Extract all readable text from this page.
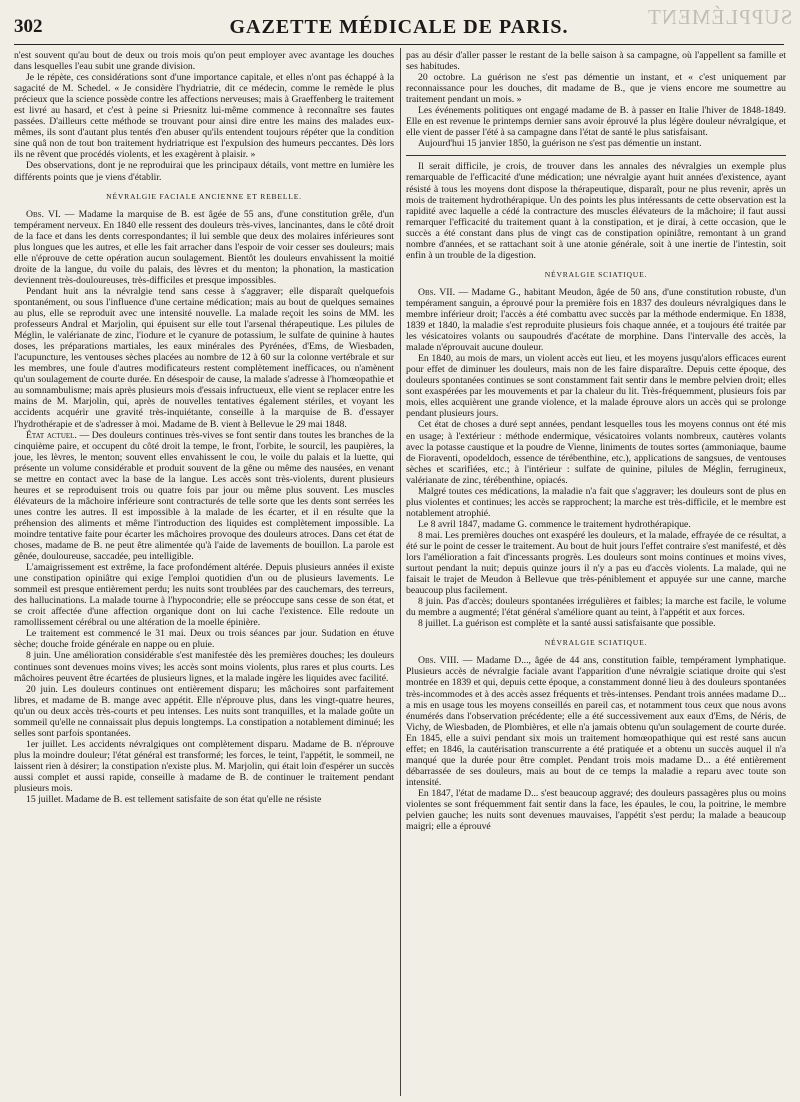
SUPPLÉMENT
302	GAZETTE MÉDICALE DE PARIS.

n'est souvent qu'au bout de deux ou trois mois qu'on peut employer avec avantage les douches dans lesquelles l'eau subit une grande division.

Je le répète, ces considérations sont d'une importance capitale, et elles n'ont pas échappé à la sagacité de M. Schedel. « Je considère l'hydriatrie, dit ce médecin, comme le remède le plus précieux que la science possède contre les affections nerveuses; mais à Graeffenberg le traitement est livré au hasard, et c'est à peine si Priesnitz lui-même commence à reconnaître ses fautes passées. D'ailleurs cette méthode se trouvant pour ainsi dire entre les mains des malades eux-mêmes, ils sont d'autant plus tentés d'en abuser qu'ils entendent toujours répéter que la condition sine quâ non de tout bon traitement hydriatrique est l'expulsion des humeurs peccantes. Dès lors ils ne rêvent que procédés violents, et les exagèrent à plaisir. »

Des observations, dont je ne reproduirai que les principaux détails, vont mettre en lumière les différents points que je viens d'établir.

NÉVRALGIE FACIALE ANCIENNE ET REBELLE.

Obs. VI. — Madame la marquise de B. est âgée de 55 ans, d'une constitution grêle, d'un tempérament nerveux. En 1840 elle ressent des douleurs très-vives, lancinantes, dans le côté droit de la face et dans les dents correspondantes; il lui semble que deux des molaires inférieures sont plus longues que les autres, et elle les fait arracher dans l'espoir de voir cesser ses douleurs; mais elle n'éprouve de cette opération aucun soulagement. Bientôt les douleurs envahissent la moitié droite de la langue, du voile du palais, des lèvres et du menton; la phonation, la mastication deviennent très-douloureuses, très-difficiles et presque impossibles.

Pendant huit ans la névralgie tend sans cesse à s'aggraver; elle disparaît quelquefois spontanément, ou sous l'influence d'une certaine médication; mais au bout de quelques semaines au plus, elle se reproduit avec une intensité nouvelle. La malade reçoit les soins de MM. les professeurs Andral et Marjolin, qui épuisent sur elle tout l'arsenal thérapeutique. Les pilules de Méglin, le valérianate de zinc, l'iodure et le cyanure de potassium, le sulfate de quinine à hautes doses, les préparations martiales, les eaux minérales des Pyrénées, d'Ems, de Wiesbaden, l'acupuncture, les ventouses sèches placées au nombre de 12 à 60 sur la colonne vertébrale et sur les membres, une foule d'autres modificateurs restent complètement inefficaces, ou n'amènent qu'un soulagement de courte durée. En désespoir de cause, la malade s'adresse à l'homœopathie et au somnambulisme; mais après plusieurs mois d'essais infructueux, elle vient se replacer entre les mains de M. Marjolin, qui, après de nouvelles tentatives également stériles, et voyant les accidents acquérir une gravité très-inquiétante, conseille à la marquise de B. d'essayer l'hydrothérapie et de s'adresser à moi. Madame de B. vient à Bellevue le 29 mai 1848.

État actuel. — Des douleurs continues très-vives se font sentir dans toutes les branches de la cinquième paire, et occupent du côté droit la tempe, le front, l'orbite, le sourcil, les paupières, la joue, les lèvres, le menton; souvent elles envahissent le cou, le voile du palais et la luette, qui présente un volume considérable et produit souvent de la gêne ou même des nausées, en venant se mettre en contact avec la base de la langue. Les accès sont très-violents, durent plusieurs heures et se reproduisent trois ou quatre fois par jour ou même plus souvent. Les muscles élévateurs de la mâchoire inférieure sont contracturés de telle sorte que les dents sont serrées les unes contre les autres. Il est impossible à la malade de les écarter, et il en résulte que la préhension des aliments et même l'introduction des liquides est complètement impossible. La moindre tentative faite pour écarter les mâchoires provoque des douleurs atroces. Dans cet état de choses, madame de B. ne peut être alimentée qu'à l'aide de lavements de bouillon. La parole est gênée, douloureuse, saccadée, peu intelligible.

L'amaigrissement est extrême, la face profondément altérée. Depuis plusieurs années il existe une constipation opiniâtre qui exige l'emploi quotidien d'un ou de plusieurs lavements. Le sommeil est presque entièrement perdu; les nuits sont troublées par des cauchemars, des terreurs, des hallucinations. La malade tourne à l'hypocondrie; elle se préoccupe sans cesse de son état, et se croit affectée d'une affection organique dont on lui cache l'existence. Elle redoute un ramollissement cérébral ou une altération de la moelle épinière.

Le traitement est commencé le 31 mai. Deux ou trois séances par jour. Sudation en étuve sèche; douche froide générale en nappe ou en pluie.

8 juin. Une amélioration considérable s'est manifestée dès les premières douches; les douleurs continues sont devenues moins vives; les accès sont moins violents, plus rares et plus courts. Les mâchoires peuvent être écartées de plusieurs lignes, et la malade ingère les liquides avec facilité.

20 juin. Les douleurs continues ont entièrement disparu; les mâchoires sont parfaitement libres, et madame de B. mange avec appétit. Elle n'éprouve plus, dans les vingt-quatre heures, qu'un ou deux accès très-courts et peu intenses. Les nuits sont tranquilles, et la malade goûte un sommeil qu'elle ne connaissait plus depuis longtemps. La constipation a notablement diminué; les selles sont parfois spontanées.

1er juillet. Les accidents névralgiques ont complètement disparu. Madame de B. n'éprouve plus la moindre douleur; l'état général est transformé; les forces, le teint, l'appétit, le sommeil, ne laissent rien à désirer; la constipation n'existe plus. M. Marjolin, qui était loin d'espérer un succès aussi complet et aussi rapide, conseille à madame de B. de continuer le traitement pendant plusieurs mois.

15 juillet. Madame de B. est tellement satisfaite de son état qu'elle ne résiste

pas au désir d'aller passer le restant de la belle saison à sa campagne, où l'appellent sa famille et ses habitudes.

20 octobre. La guérison ne s'est pas démentie un instant, et « c'est uniquement par reconnaissance pour les douches, dit madame de B., que je viens encore me soumettre au traitement pendant un mois. »

Les événements politiques ont engagé madame de B. à passer en Italie l'hiver de 1848-1849. Elle en est revenue le printemps dernier sans avoir éprouvé la plus légère douleur névralgique, et elle vient de passer l'été à sa campagne dans l'état de santé le plus satisfaisant.

Aujourd'hui 15 janvier 1850, la guérison ne s'est pas démentie un instant.

Il serait difficile, je crois, de trouver dans les annales des névralgies un exemple plus remarquable de l'efficacité d'une médication; une névralgie ayant huit années d'existence, ayant résisté à tous les moyens dont dispose la thérapeutique, disparaît, pour ne plus revenir, après un mois de traitement hydrothérapique. Un des points les plus intéressants de cette observation est la rapidité avec laquelle a cédé la contracture des muscles élévateurs de la mâchoire; il faut aussi remarquer l'efficacité du traitement quant à la constipation, et je dirai, à cette occasion, que le succès a été constant dans plus de vingt cas de constipation opiniâtre, remontant à un grand nombre d'années, et se rattachant soit à une atonie générale, soit à une inertie de l'intestin, soit enfin à un trouble de la digestion.

NÉVRALGIE SCIATIQUE.

Obs. VII. — Madame G., habitant Meudon, âgée de 50 ans, d'une constitution robuste, d'un tempérament sanguin, a éprouvé pour la première fois en 1837 des douleurs névralgiques dans le membre inférieur droit; l'accès a été combattu avec succès par la méthode endermique. En 1838, 1839 et 1840, la maladie s'est reproduite plusieurs fois chaque année, et a toujours été traitée par les vésicatoires volants ou saupoudrés d'acétate de morphine. Dans l'intervalle des accès, la malade n'éprouvait aucune douleur.

En 1840, au mois de mars, un violent accès eut lieu, et les moyens jusqu'alors efficaces eurent pour effet de diminuer les douleurs, mais non de les faire disparaître. Depuis cette époque, des douleurs spontanées continues se sont constamment fait sentir dans le membre pelvien droit; elles sont exaspérées par les mouvements et par la chaleur du lit. Très-fréquemment, plusieurs fois par mois, elles acquièrent une grande violence, et la malade éprouve alors un accès qui se prolonge pendant plusieurs jours.

Cet état de choses a duré sept années, pendant lesquelles tous les moyens connus ont été mis en usage; à l'extérieur : méthode endermique, vésicatoires volants nombreux, cautères volants avec la potasse caustique et la poudre de Vienne, liniments de toutes sortes (ammoniaque, baume de Fioraventi, opodeldoch, essence de térébenthine, etc.), applications de sangsues, de ventouses sèches et scarifiées, etc.; à l'intérieur : sulfate de quinine, pilules de Méglin, ferrugineux, valérianate de zinc, térébenthine, opiacés.

Malgré toutes ces médications, la maladie n'a fait que s'aggraver; les douleurs sont de plus en plus violentes et continues; les accès se rapprochent; la marche est très-difficile, et le membre est notablement atrophié.

Le 8 avril 1847, madame G. commence le traitement hydrothérapique.

8 mai. Les premières douches ont exaspéré les douleurs, et la malade, effrayée de ce résultat, a été sur le point de cesser le traitement. Au bout de huit jours l'effet contraire s'est manifesté, et dès lors l'amélioration a fait d'incessants progrès. Les douleurs sont moins continues et moins vives, surtout pendant la nuit; depuis quinze jours il n'y a pas eu d'accès violents. La malade, qui ne faisait le trajet de Meudon à Bellevue que très-péniblement et appuyée sur une canne, marche beaucoup plus facilement.

8 juin. Pas d'accès; douleurs spontanées irrégulières et faibles; la marche est facile, le volume du membre a augmenté; l'état général s'améliore quant au teint, à l'appétit et aux forces.

8 juillet. La guérison est complète et la santé aussi satisfaisante que possible.

NÉVRALGIE SCIATIQUE.

Obs. VIII. — Madame D..., âgée de 44 ans, constitution faible, tempérament lymphatique. Plusieurs accès de névralgie faciale avant l'apparition d'une névralgie sciatique droite qui s'est montrée en 1839 et qui, depuis cette époque, a constamment donné lieu à des douleurs spontanées très-incommodes et à des accès assez fréquents et très-intenses. Pendant trois années madame D... a mis en usage tous les moyens conseillés en pareil cas, et notamment tous ceux que nous avons énumérés dans l'observation précédente; elle a été successivement aux eaux d'Ems, de Néris, de Vichy, de Wiesbaden, de Plombières, et elle n'a jamais obtenu qu'un soulagement de courte durée. En 1845, elle a suivi pendant six mois un traitement homœopathique qui est resté sans aucun effet; en 1846, la cautérisation transcurrente a été pratiquée et a obtenu un succès auquel il n'a manqué que la durée pour être complet. Pendant trois mois madame D... a été entièrement débarrassée de ses douleurs, mais au bout de ce temps la maladie a reparu avec toute son intensité.

En 1847, l'état de madame D... s'est beaucoup aggravé; des douleurs passagères plus ou moins violentes se sont fréquemment fait sentir dans la face, les épaules, le cou, la poitrine, le membre pelvien gauche; les nuits sont devenues mauvaises, l'appétit s'est perdu; la malade a beaucoup maigri; elle a éprouvé
